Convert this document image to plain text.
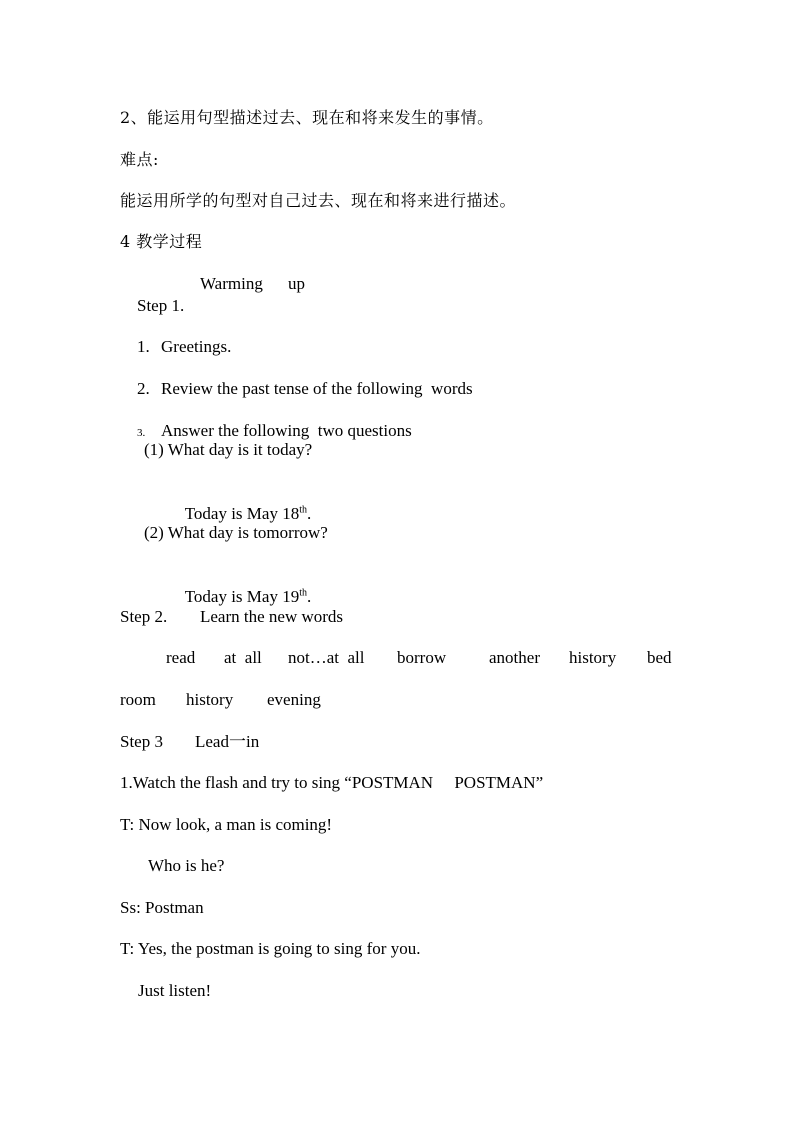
2、能运用句型描述过去、现在和将来发生的事情。
难点:
能运用所学的句型对自己过去、现在和将来进行描述。
4 教学过程

Step 1.

Warming up

1. Greetings.

2. Review the past tense of the following  words

3. Answer the following  two questions

(1) What day is it today?

Today is May 18th.

(2) What day is tomorrow?

Today is May 19th.

Step 2. Learn the new words
read at  all not…at  all borrow	another history bed
room history evening
Step 3 Lead一in
1.Watch the flash and try to sing “POSTMAN     POSTMAN”
T: Now look, a man is coming!
Who is he?
Ss: Postman
T: Yes, the postman is going to sing for you.
Just listen!
